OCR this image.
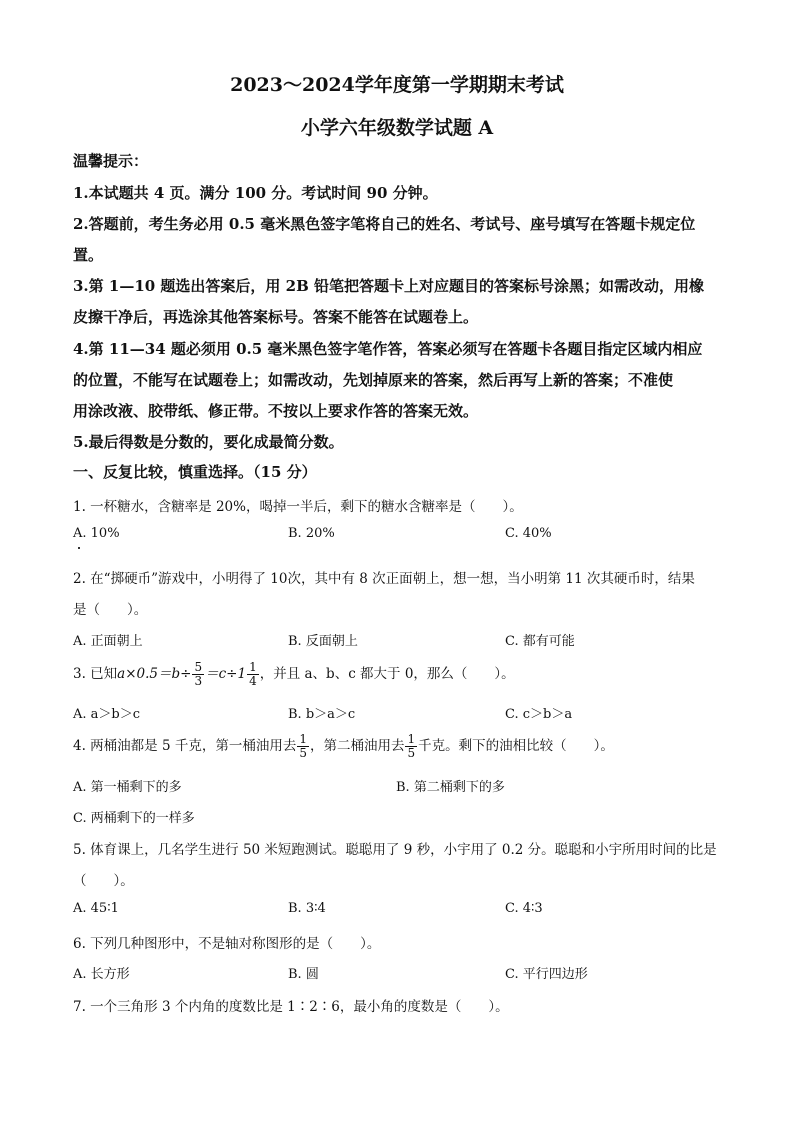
2023～2024学年度第一学期期末考试
小学六年级数学试题 A
温馨提示：
1.本试题共 4 页。满分 100 分。考试时间 90 分钟。
2.答题前，考生务必用 0.5 毫米黑色签字笔将自己的姓名、考试号、座号填写在答题卡规定位
置。
3.第 1—10 题选出答案后，用 2B 铅笔把答题卡上对应题目的答案标号涂黑；如需改动，用橡
皮擦干净后，再选涂其他答案标号。答案不能答在试题卷上。
4.第 11—34 题必须用 0.5 毫米黑色签字笔作答，答案必须写在答题卡各题目指定区域内相应
的位置，不能写在试题卷上；如需改动，先划掉原来的答案，然后再写上新的答案；不准使
用涂改液、胶带纸、修正带。不按以上要求作答的答案无效。
5.最后得数是分数的，要化成最简分数。
一、反复比较，慎重选择。（15 分）
1. 一杯糖水，含糖率是 20%，喝掉一半后，剩下的糖水含糖率是（　　）。
A. 10%	B. 20%	C. 40%
2. 在“掷硬币”游戏中，小明得了 10次，其中有 8 次正面朝上，想一想，当小明第 11 次其硬币时，结果
是（　　）。
A. 正面朝上	B. 反面朝上	C. 都有可能
3. 已知$a\times 0.5=b\div \frac{5}{3} =c\div 1 \frac{1}{4}$ ，并且 a、b、c 都大于 0，那么（　　）。
A. a＞b＞c	B. b＞a＞c	C. c＞b＞a
4. 两桶油都是 5 千克，第一桶油用去 $\frac{1}{5}$ ，第二桶油用去 $\frac{1}{5}$ 千克。剩下的油相比较（　　）。
A. 第一桶剩下的多	B. 第二桶剩下的多
C. 两桶剩下的一样多
5. 体育课上，几名学生进行 50 米短跑测试。聪聪用了 9 秒，小宇用了 0.2 分。聪聪和小宇所用时间的比是
（　　）。
A. 45∶1	B. 3∶4	C. 4∶3
6. 下列几种图形中，不是轴对称图形的是（　　）。
A. 长方形	B. 圆	C. 平行四边形
7. 一个三角形 3 个内角的度数比是 1∶2∶6，最小角的度数是（　　）。
